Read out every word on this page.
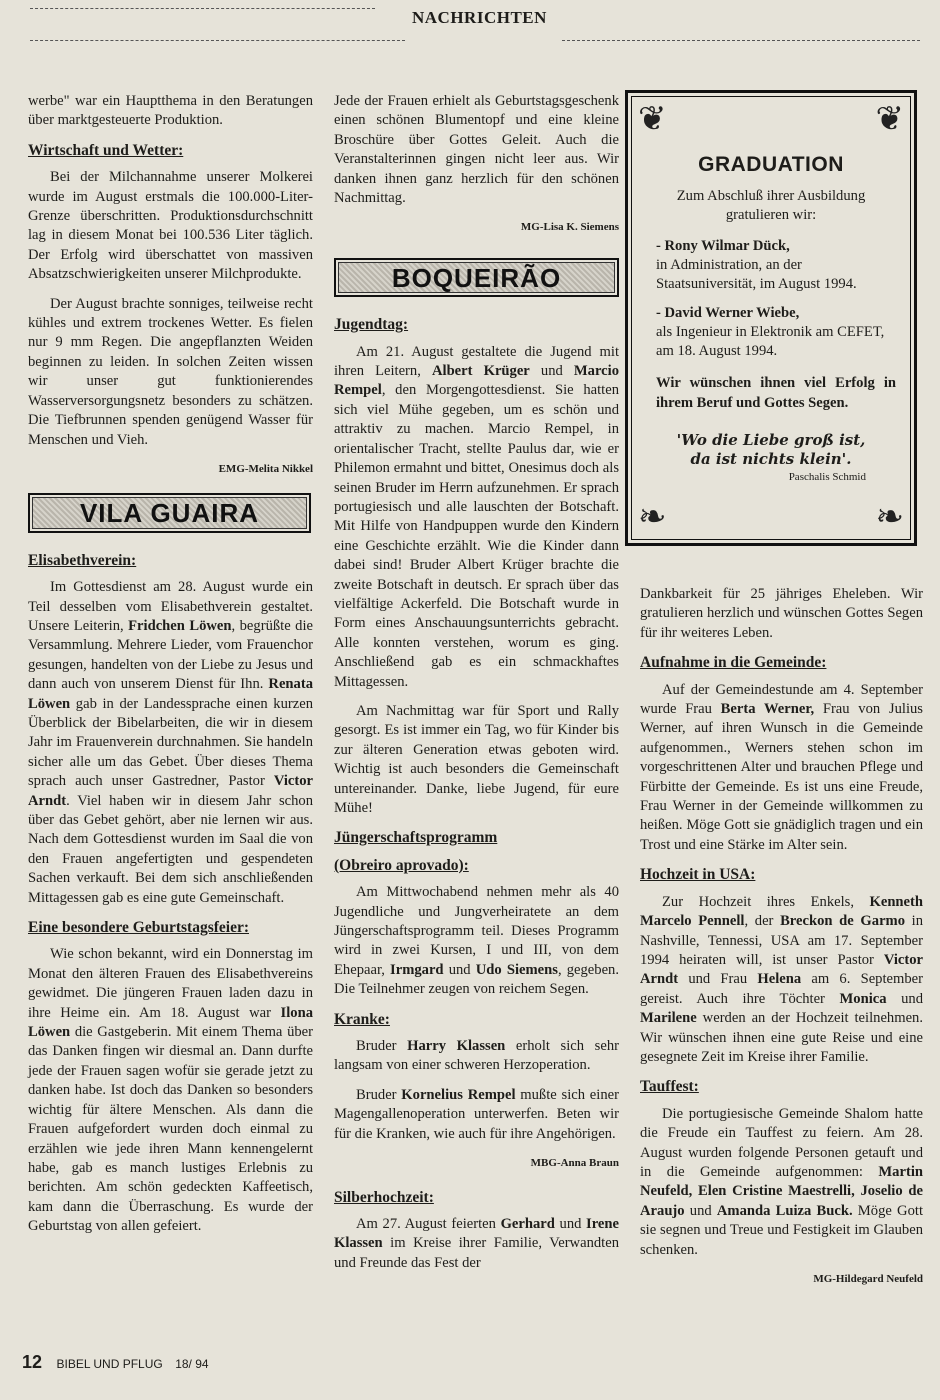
NACHRICHTEN

werbe" war ein Hauptthema in den Beratungen über marktgesteuerte Produktion.

Wirtschaft und Wetter:

Bei der Milchannahme unserer Molkerei wurde im August erstmals die 100.000-Liter-Grenze überschritten. Produktionsdurchschnitt lag in diesem Monat bei 100.536 Liter täglich. Der Erfolg wird überschattet von massiven Absatzschwierigkeiten unserer Milchprodukte.

Der August brachte sonniges, teilweise recht kühles und extrem trockenes Wetter. Es fielen nur 9 mm Regen. Die angepflanzten Weiden beginnen zu leiden. In solchen Zeiten wissen wir unser gut funktionierendes Wasserversorgungsnetz besonders zu schätzen. Die Tiefbrunnen spenden genügend Wasser für Menschen und Vieh.

EMG-Melita Nikkel
VILA GUAIRA
Elisabethverein:

Im Gottesdienst am 28. August wurde ein Teil desselben vom Elisabethverein gestaltet. Unsere Leiterin, Fridchen Löwen, begrüßte die Versammlung. Mehrere Lieder, vom Frauenchor gesungen, handelten von der Liebe zu Jesus und dann auch von unserem Dienst für Ihn. Renata Löwen gab in der Landessprache einen kurzen Überblick der Bibelarbeiten, die wir in diesem Jahr im Frauenverein durchnahmen. Sie handeln sicher alle um das Gebet. Über dieses Thema sprach auch unser Gastredner, Pastor Victor Arndt. Viel haben wir in diesem Jahr schon über das Gebet gehört, aber nie lernen wir aus. Nach dem Gottesdienst wurden im Saal die von den Frauen angefertigten und gespendeten Sachen verkauft. Bei dem sich anschließenden Mittagessen gab es eine gute Gemeinschaft.

Eine besondere Geburtstagsfeier:

Wie schon bekannt, wird ein Donnerstag im Monat den älteren Frauen des Elisabethvereins gewidmet. Die jüngeren Frauen laden dazu in ihre Heime ein. Am 18. August war Ilona Löwen die Gastgeberin. Mit einem Thema über das Danken fingen wir diesmal an. Dann durfte jede der Frauen sagen wofür sie gerade jetzt zu danken habe. Ist doch das Danken so besonders wichtig für ältere Menschen. Als dann die Frauen aufgefordert wurden doch einmal zu erzählen wie jede ihren Mann kennengelernt habe, gab es manch lustiges Erlebnis zu berichten. Am schön gedeckten Kaffeetisch, kam dann die Überraschung. Es wurde der Geburtstag von allen gefeiert.

Jede der Frauen erhielt als Geburtstagsgeschenk einen schönen Blumentopf und eine kleine Broschüre über Gottes Geleit. Auch die Veranstalterinnen gingen nicht leer aus. Wir danken ihnen ganz herzlich für den schönen Nachmittag.

MG-Lisa K. Siemens
BOQUEIRÃO
Jugendtag:

Am 21. August gestaltete die Jugend mit ihren Leitern, Albert Krüger und Marcio Rempel, den Morgengottesdienst. Sie hatten sich viel Mühe gegeben, um es schön und attraktiv zu machen. Marcio Rempel, in orientalischer Tracht, stellte Paulus dar, wie er Philemon ermahnt und bittet, Onesimus doch als seinen Bruder im Herrn aufzunehmen. Er sprach portugiesisch und alle lauschten der Botschaft. Mit Hilfe von Handpuppen wurde den Kindern eine Geschichte erzählt. Wie die Kinder dann dabei sind! Bruder Albert Krüger brachte die zweite Botschaft in deutsch. Er sprach über das vielfältige Ackerfeld. Die Botschaft wurde in Form eines Anschauungsunterrichts gebracht. Alle konnten verstehen, worum es ging. Anschließend gab es ein schmackhaftes Mittagessen.

Am Nachmittag war für Sport und Rally gesorgt. Es ist immer ein Tag, wo für Kinder bis zur älteren Generation etwas geboten wird. Wichtig ist auch besonders die Gemeinschaft untereinander. Danke, liebe Jugend, für eure Mühe!

Jüngerschaftsprogramm
(Obreiro aprovado):

Am Mittwochabend nehmen mehr als 40 Jugendliche und Jungverheiratete an dem Jüngerschaftsprogramm teil. Dieses Programm wird in zwei Kursen, I und III, von dem Ehepaar, Irmgard und Udo Siemens, gegeben. Die Teilnehmer zeugen von reichem Segen.

Kranke:

Bruder Harry Klassen erholt sich sehr langsam von einer schweren Herzoperation.

Bruder Kornelius Rempel mußte sich einer Magengallenoperation unterwerfen. Beten wir für die Kranken, wie auch für ihre Angehörigen.

MBG-Anna Braun
Silberhochzeit:

Am 27. August feierten Gerhard und Irene Klassen im Kreise ihrer Familie, Verwandten und Freunde das Fest der

❦	❦
❧	❧
GRADUATION
Zum Abschluß ihrer Ausbildung gratulieren wir:
- Rony Wilmar Dück,
in Administration, an der Staatsuniversität, im August 1994.
- David Werner Wiebe,
als Ingenieur in Elektronik am CEFET, am 18. August 1994.
Wir wünschen ihnen viel Erfolg in ihrem Beruf und Gottes Segen.
'Wo die Liebe groß ist,
da ist nichts klein'.
Paschalis Schmid

Dankbarkeit für 25 jähriges Eheleben. Wir gratulieren herzlich und wünschen Gottes Segen für ihr weiteres Leben.

Aufnahme in die Gemeinde:

Auf der Gemeindestunde am 4. September wurde Frau Berta Werner, Frau von Julius Werner, auf ihren Wunsch in die Gemeinde aufgenommen., Werners stehen schon im vorgeschrittenen Alter und brauchen Pflege und Fürbitte der Gemeinde. Es ist uns eine Freude, Frau Werner in der Gemeinde willkommen zu heißen. Möge Gott sie gnädiglich tragen und ein Trost und eine Stärke im Alter sein.

Hochzeit in USA:

Zur Hochzeit ihres Enkels, Kenneth Marcelo Pennell, der Breckon de Garmo in Nashville, Tennessi, USA am 17. September 1994 heiraten will, ist unser Pastor Victor Arndt und Frau Helena am 6. September gereist. Auch ihre Töchter Monica und Marilene werden an der Hochzeit teilnehmen. Wir wünschen ihnen eine gute Reise und eine gesegnete Zeit im Kreise ihrer Familie.

Tauffest:

Die portugiesische Gemeinde Shalom hatte die Freude ein Tauffest zu feiern. Am 28. August wurden folgende Personen getauft und in die Gemeinde aufgenommen: Martin Neufeld, Elen Cristine Maestrelli, Joselio de Araujo und Amanda Luiza Buck. Möge Gott sie segnen und Treue und Festigkeit im Glauben schenken.

MG-Hildegard Neufeld
12 BIBEL UND PFLUG 18/ 94
